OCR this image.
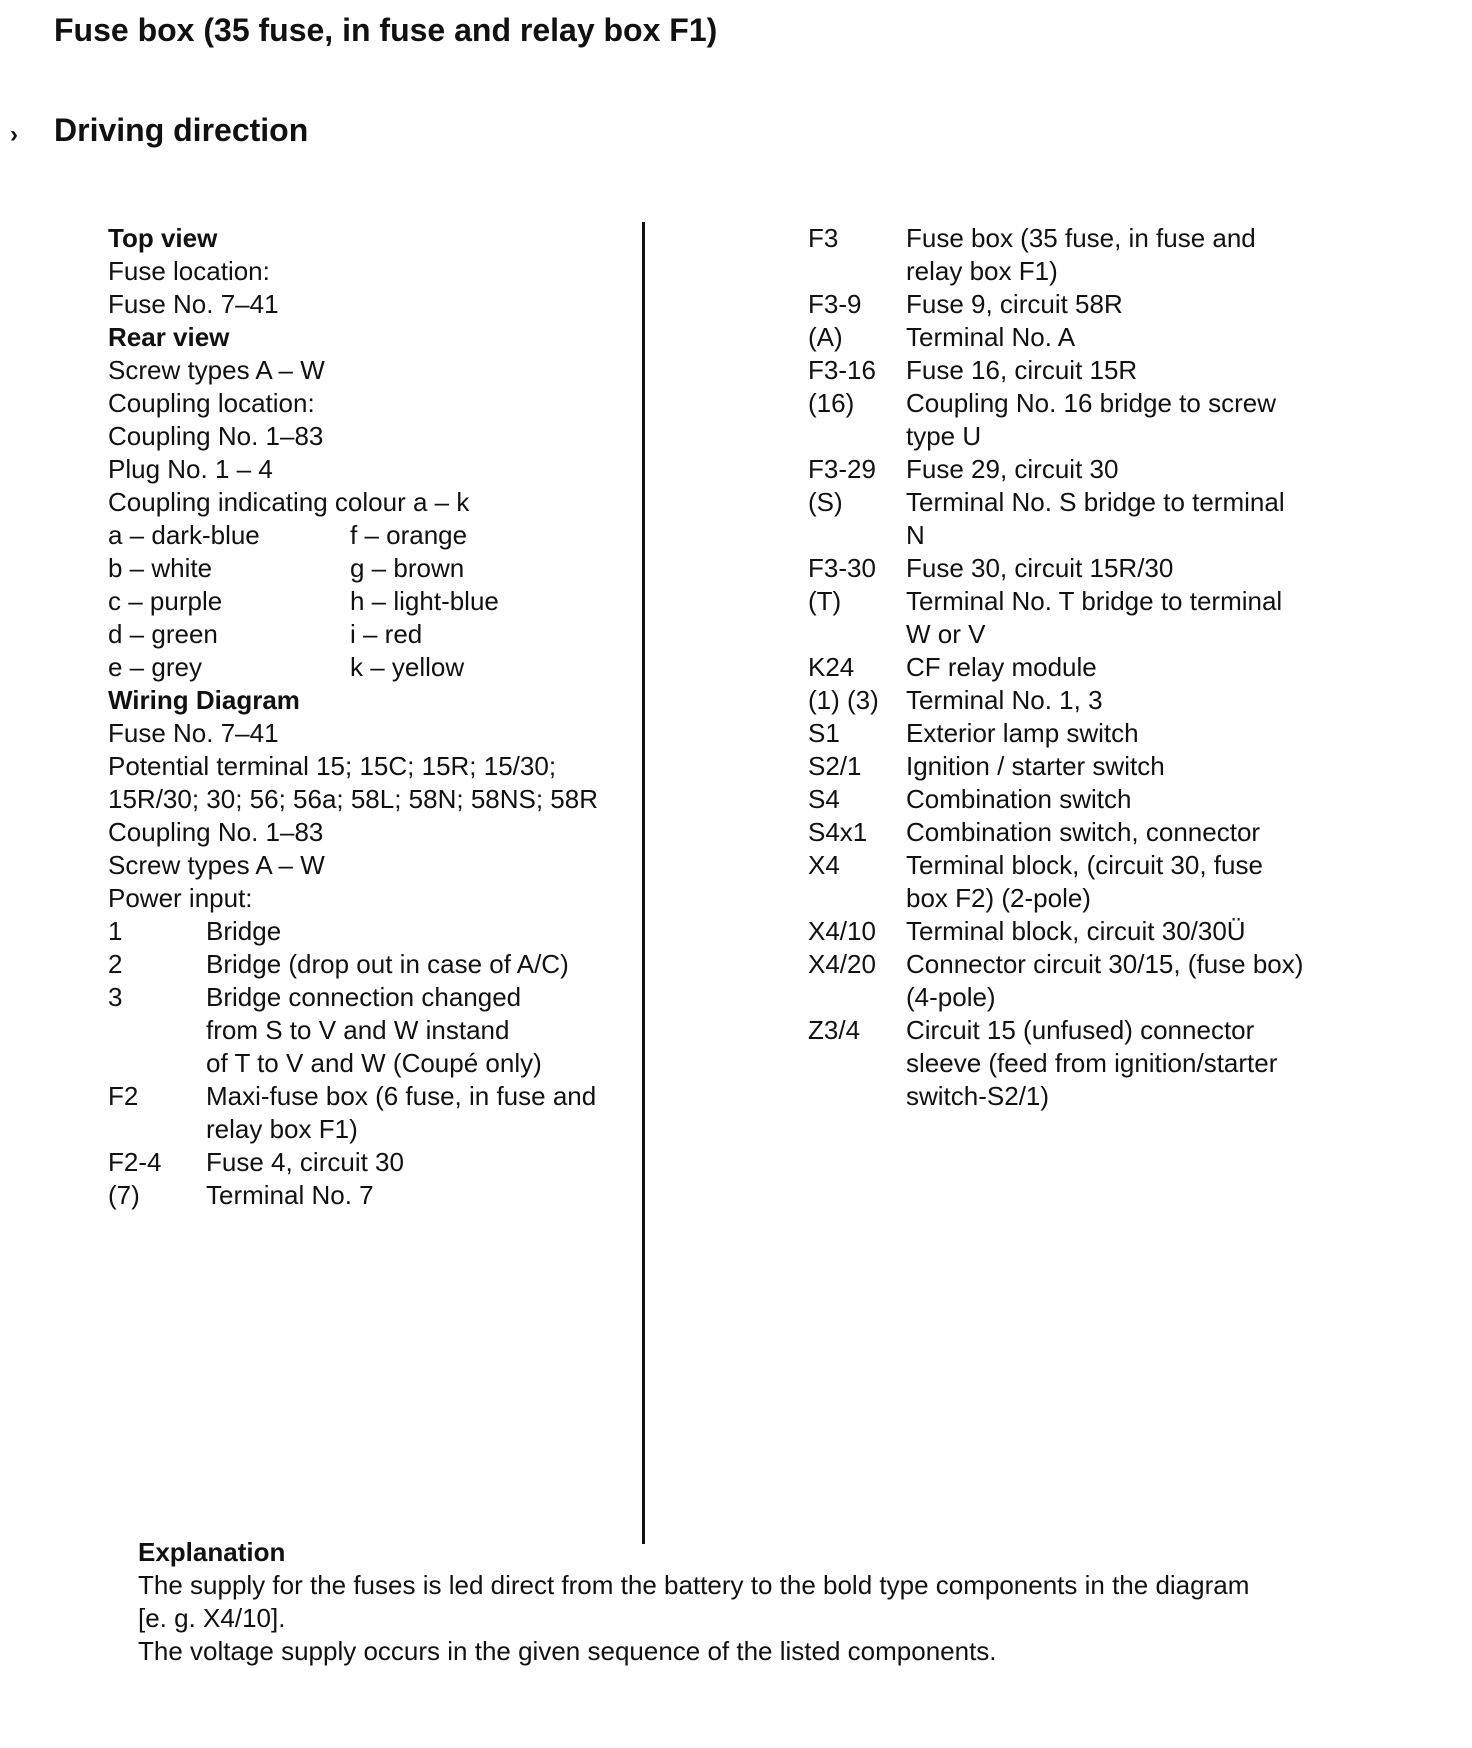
Fuse box (35 fuse, in fuse and relay box F1)
› Driving direction
Top view
Fuse location:
Fuse No. 7–41
Rear view
Screw types A – W
Coupling location:
Coupling No. 1–83
Plug No. 1 – 4
Coupling indicating colour a – k
a – dark-blue	f – orange
b – white	g – brown
c – purple	h – light-blue
d – green	i – red
e – grey	k – yellow
Wiring Diagram
Fuse No. 7–41
Potential terminal 15; 15C; 15R; 15/30;
15R/30; 30; 56; 56a; 58L; 58N; 58NS; 58R
Coupling No. 1–83
Screw types A – W
Power input:
1	Bridge
2	Bridge (drop out in case of A/C)
3	Bridge connection changed
from S to V and W instand
of T to V and W (Coupé only)
F2	Maxi-fuse box (6 fuse, in fuse and
relay box F1)
F2-4	Fuse 4, circuit 30
(7)	Terminal No. 7
F3	Fuse box (35 fuse, in fuse and
relay box F1)
F3-9	Fuse 9, circuit 58R
(A)	Terminal No. A
F3-16	Fuse 16, circuit 15R
(16)	Coupling No. 16 bridge to screw
type U
F3-29	Fuse 29, circuit 30
(S)	Terminal No. S bridge to terminal
N
F3-30	Fuse 30, circuit 15R/30
(T)	Terminal No. T bridge to terminal
W or V
K24	CF relay module
(1) (3)	Terminal No. 1, 3
S1	Exterior lamp switch
S2/1	Ignition / starter switch
S4	Combination switch
S4x1	Combination switch, connector
X4	Terminal block, (circuit 30, fuse
box F2) (2-pole)
X4/10	Terminal block, circuit 30/30Ü
X4/20	Connector circuit 30/15, (fuse box)
(4-pole)
Z3/4	Circuit 15 (unfused) connector
sleeve (feed from ignition/starter
switch-S2/1)
Explanation
The supply for the fuses is led direct from the battery to the bold type components in the diagram
[e. g. X4/10].
The voltage supply occurs in the given sequence of the listed components.
